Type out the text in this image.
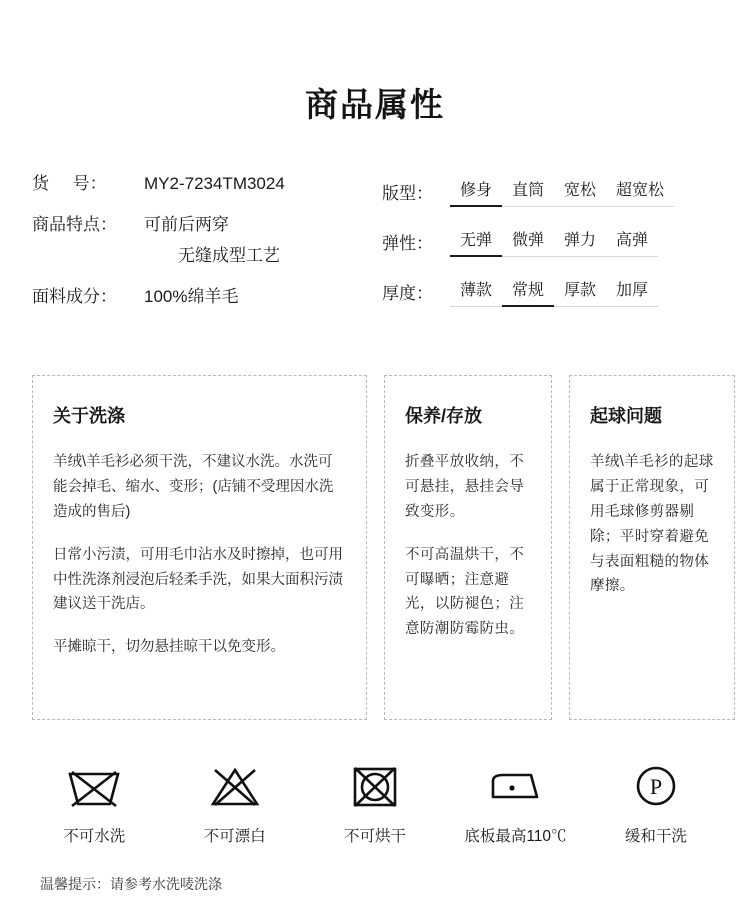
商品属性
货     号：	MY2-7234TM3024
商品特点：	可前后两穿
无缝成型工艺
面料成分：	100%绵羊毛
版型：	修身	直筒	宽松	超宽松
弹性：	无弹	微弹	弹力	高弹
厚度：	薄款	常规	厚款	加厚
关于洗涤

羊绒\羊毛衫必须干洗，不建议水洗。水洗可能会掉毛、缩水、变形；(店铺不受理因水洗造成的售后)

日常小污渍，可用毛巾沾水及时擦掉，也可用中性洗涤剂浸泡后轻柔手洗，如果大面积污渍建议送干洗店。

平摊晾干，切勿悬挂晾干以免变形。

保养/存放

折叠平放收纳，不可悬挂，悬挂会导致变形。

不可高温烘干，不可曝晒；注意避光，以防褪色；注意防潮防霉防虫。

起球问题

羊绒\羊毛衫的起球属于正常现象，可用毛球修剪器剔除；平时穿着避免与表面粗糙的物体摩擦。

不可水洗	不可漂白	不可烘干	底板最高110℃
P
缓和干洗
温馨提示：请参考水洗唛洗涤
